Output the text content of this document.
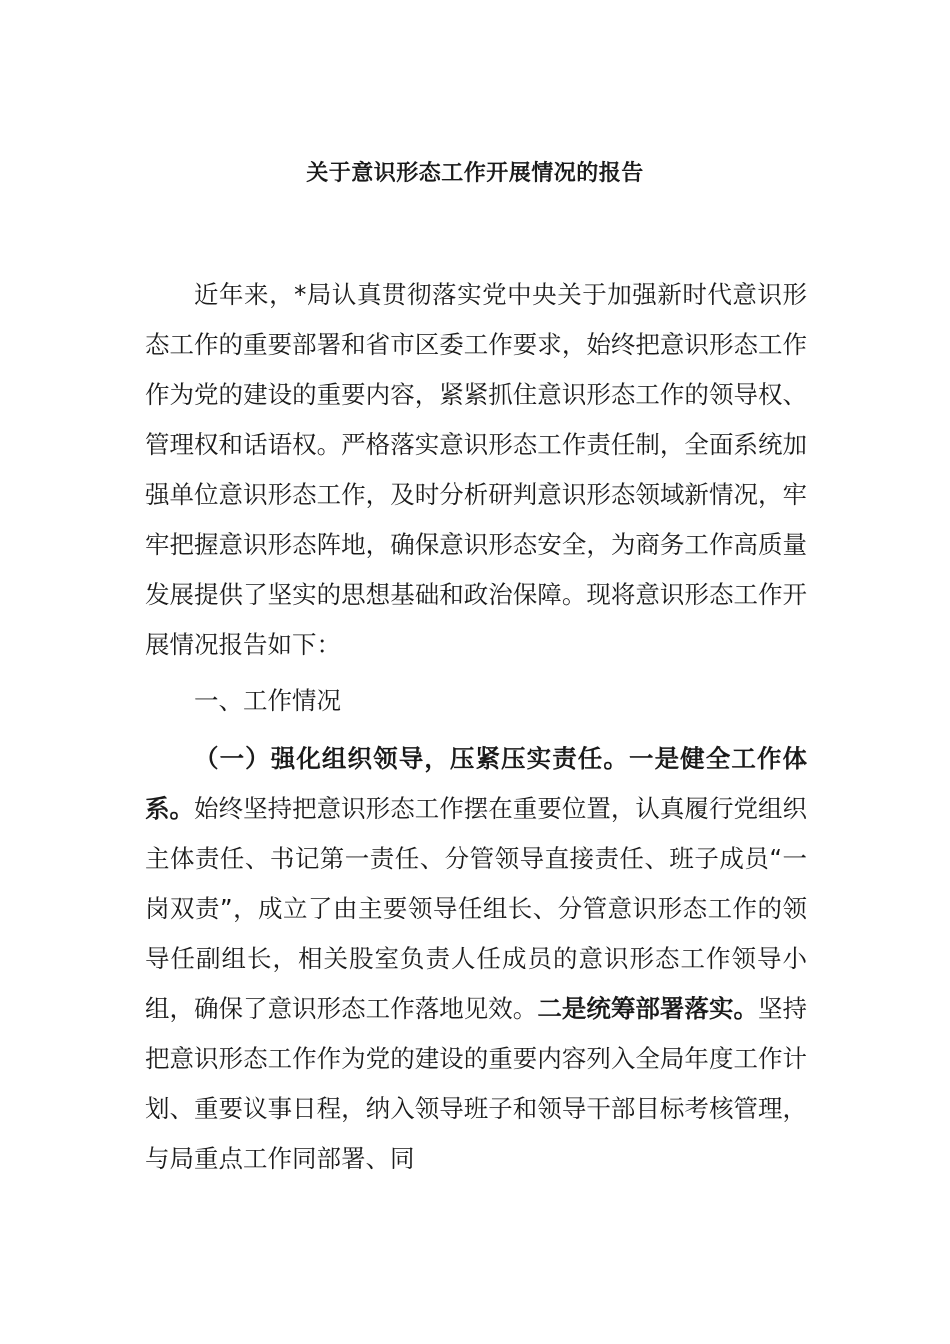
关于意识形态工作开展情况的报告
近年来，*局认真贯彻落实党中央关于加强新时代意识形态工作的重要部署和省市区委工作要求，始终把意识形态工作作为党的建设的重要内容，紧紧抓住意识形态工作的领导权、管理权和话语权。严格落实意识形态工作责任制，全面系统加强单位意识形态工作，及时分析研判意识形态领域新情况，牢牢把握意识形态阵地，确保意识形态安全，为商务工作高质量发展提供了坚实的思想基础和政治保障。现将意识形态工作开展情况报告如下：
一、工作情况
（一）强化组织领导，压紧压实责任。一是健全工作体系。始终坚持把意识形态工作摆在重要位置，认真履行党组织主体责任、书记第一责任、分管领导直接责任、班子成员“一岗双责”，成立了由主要领导任组长、分管意识形态工作的领导任副组长，相关股室负责人任成员的意识形态工作领导小组，确保了意识形态工作落地见效。二是统筹部署落实。坚持把意识形态工作作为党的建设的重要内容列入全局年度工作计划、重要议事日程，纳入领导班子和领导干部目标考核管理，与局重点工作同部署、同
